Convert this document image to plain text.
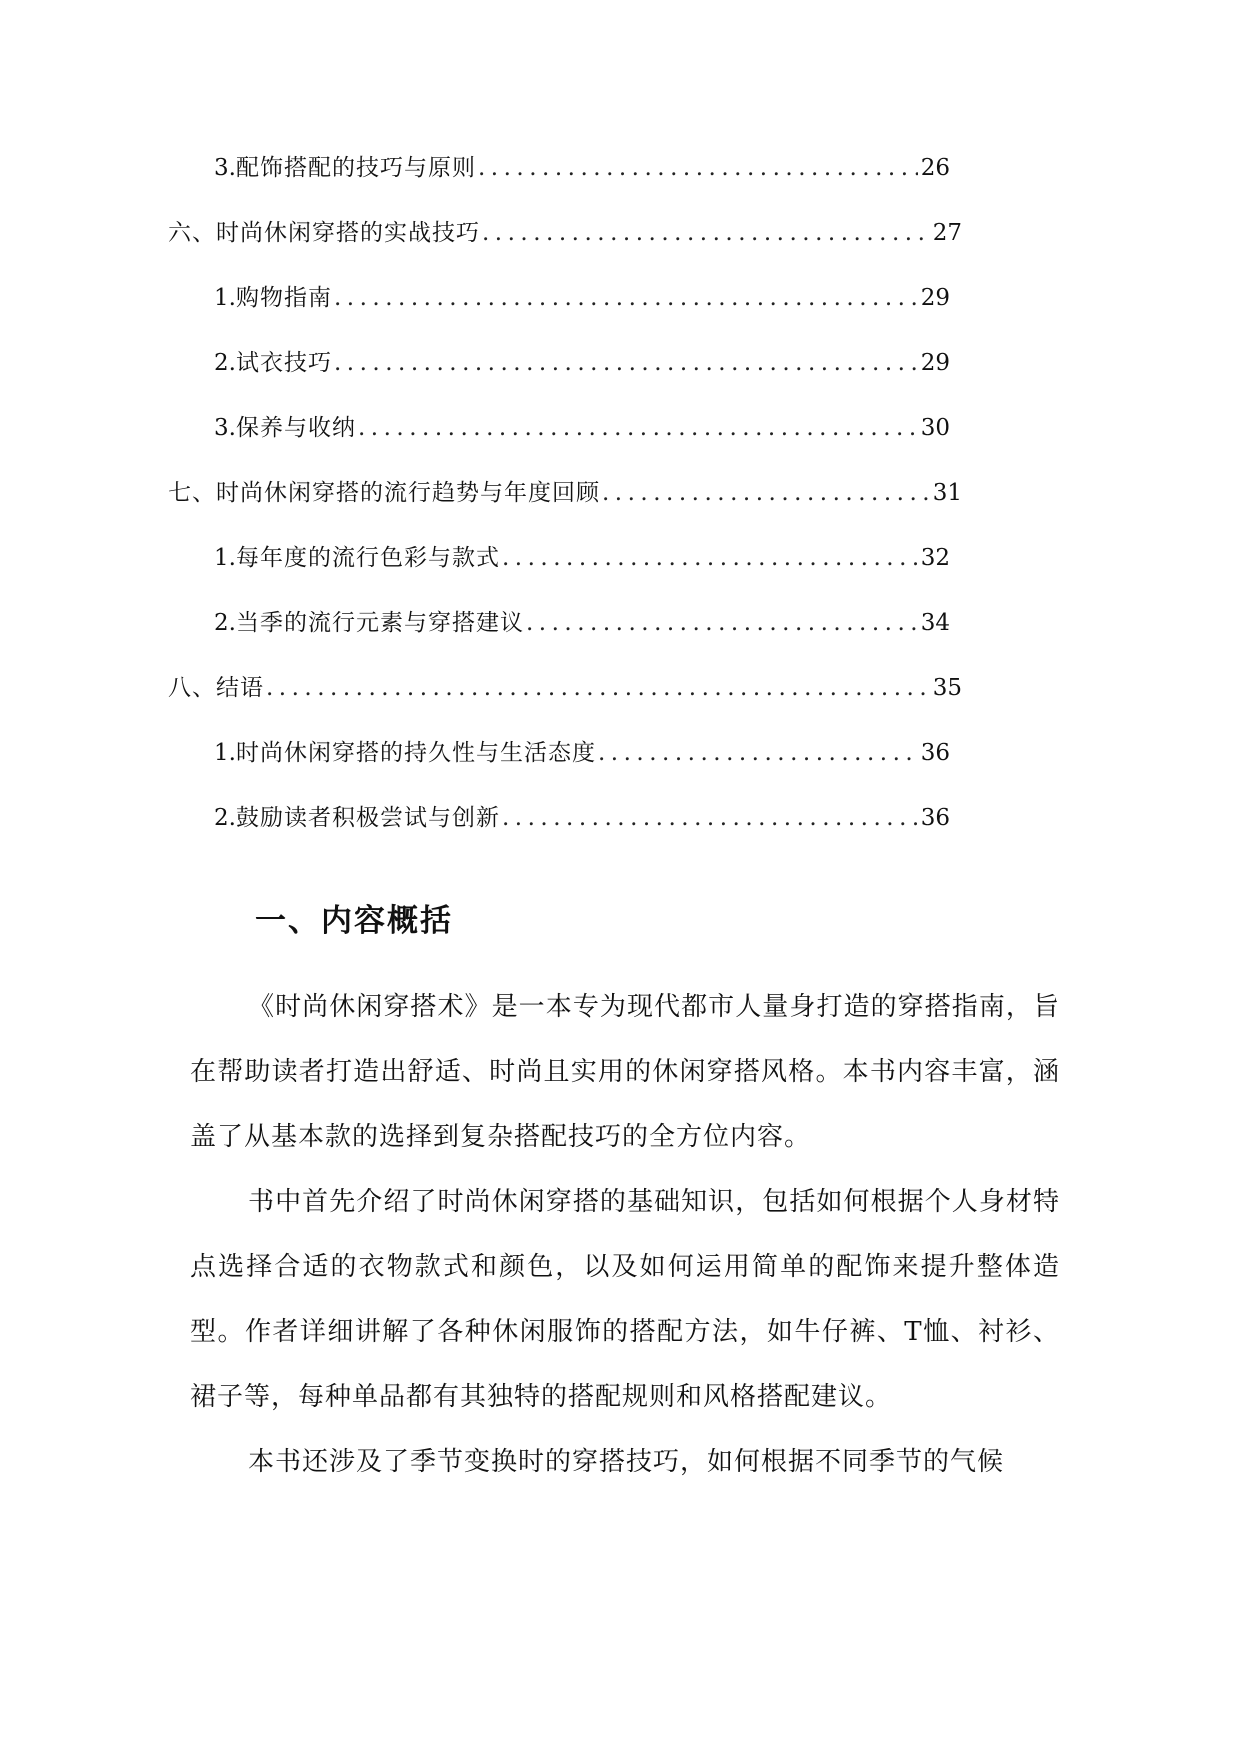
3. 配饰搭配的技巧与原则 .....	26
六、时尚休闲穿搭的实战技巧 .....	27
1. 购物指南 .....	29
2. 试衣技巧 .....	29
3. 保养与收纳 .....	30
七、时尚休闲穿搭的流行趋势与年度回顾 .....	31
1. 每年度的流行色彩与款式 .....	32
2. 当季的流行元素与穿搭建议 .....	34
八、结语 .....	35
1. 时尚休闲穿搭的持久性与生活态度 .....	36
2. 鼓励读者积极尝试与创新 .....	36
一、内容概括

《时尚休闲穿搭术》是一本专为现代都市人量身打造的穿搭指南，旨在帮助读者打造出舒适、时尚且实用的休闲穿搭风格。本书内容丰富，涵盖了从基本款的选择到复杂搭配技巧的全方位内容。

书中首先介绍了时尚休闲穿搭的基础知识，包括如何根据个人身材特点选择合适的衣物款式和颜色，以及如何运用简单的配饰来提升整体造型。作者详细讲解了各种休闲服饰的搭配方法，如牛仔裤、T恤、衬衫、裙子等，每种单品都有其独特的搭配规则和风格搭配建议。

本书还涉及了季节变换时的穿搭技巧，如何根据不同季节的气候
